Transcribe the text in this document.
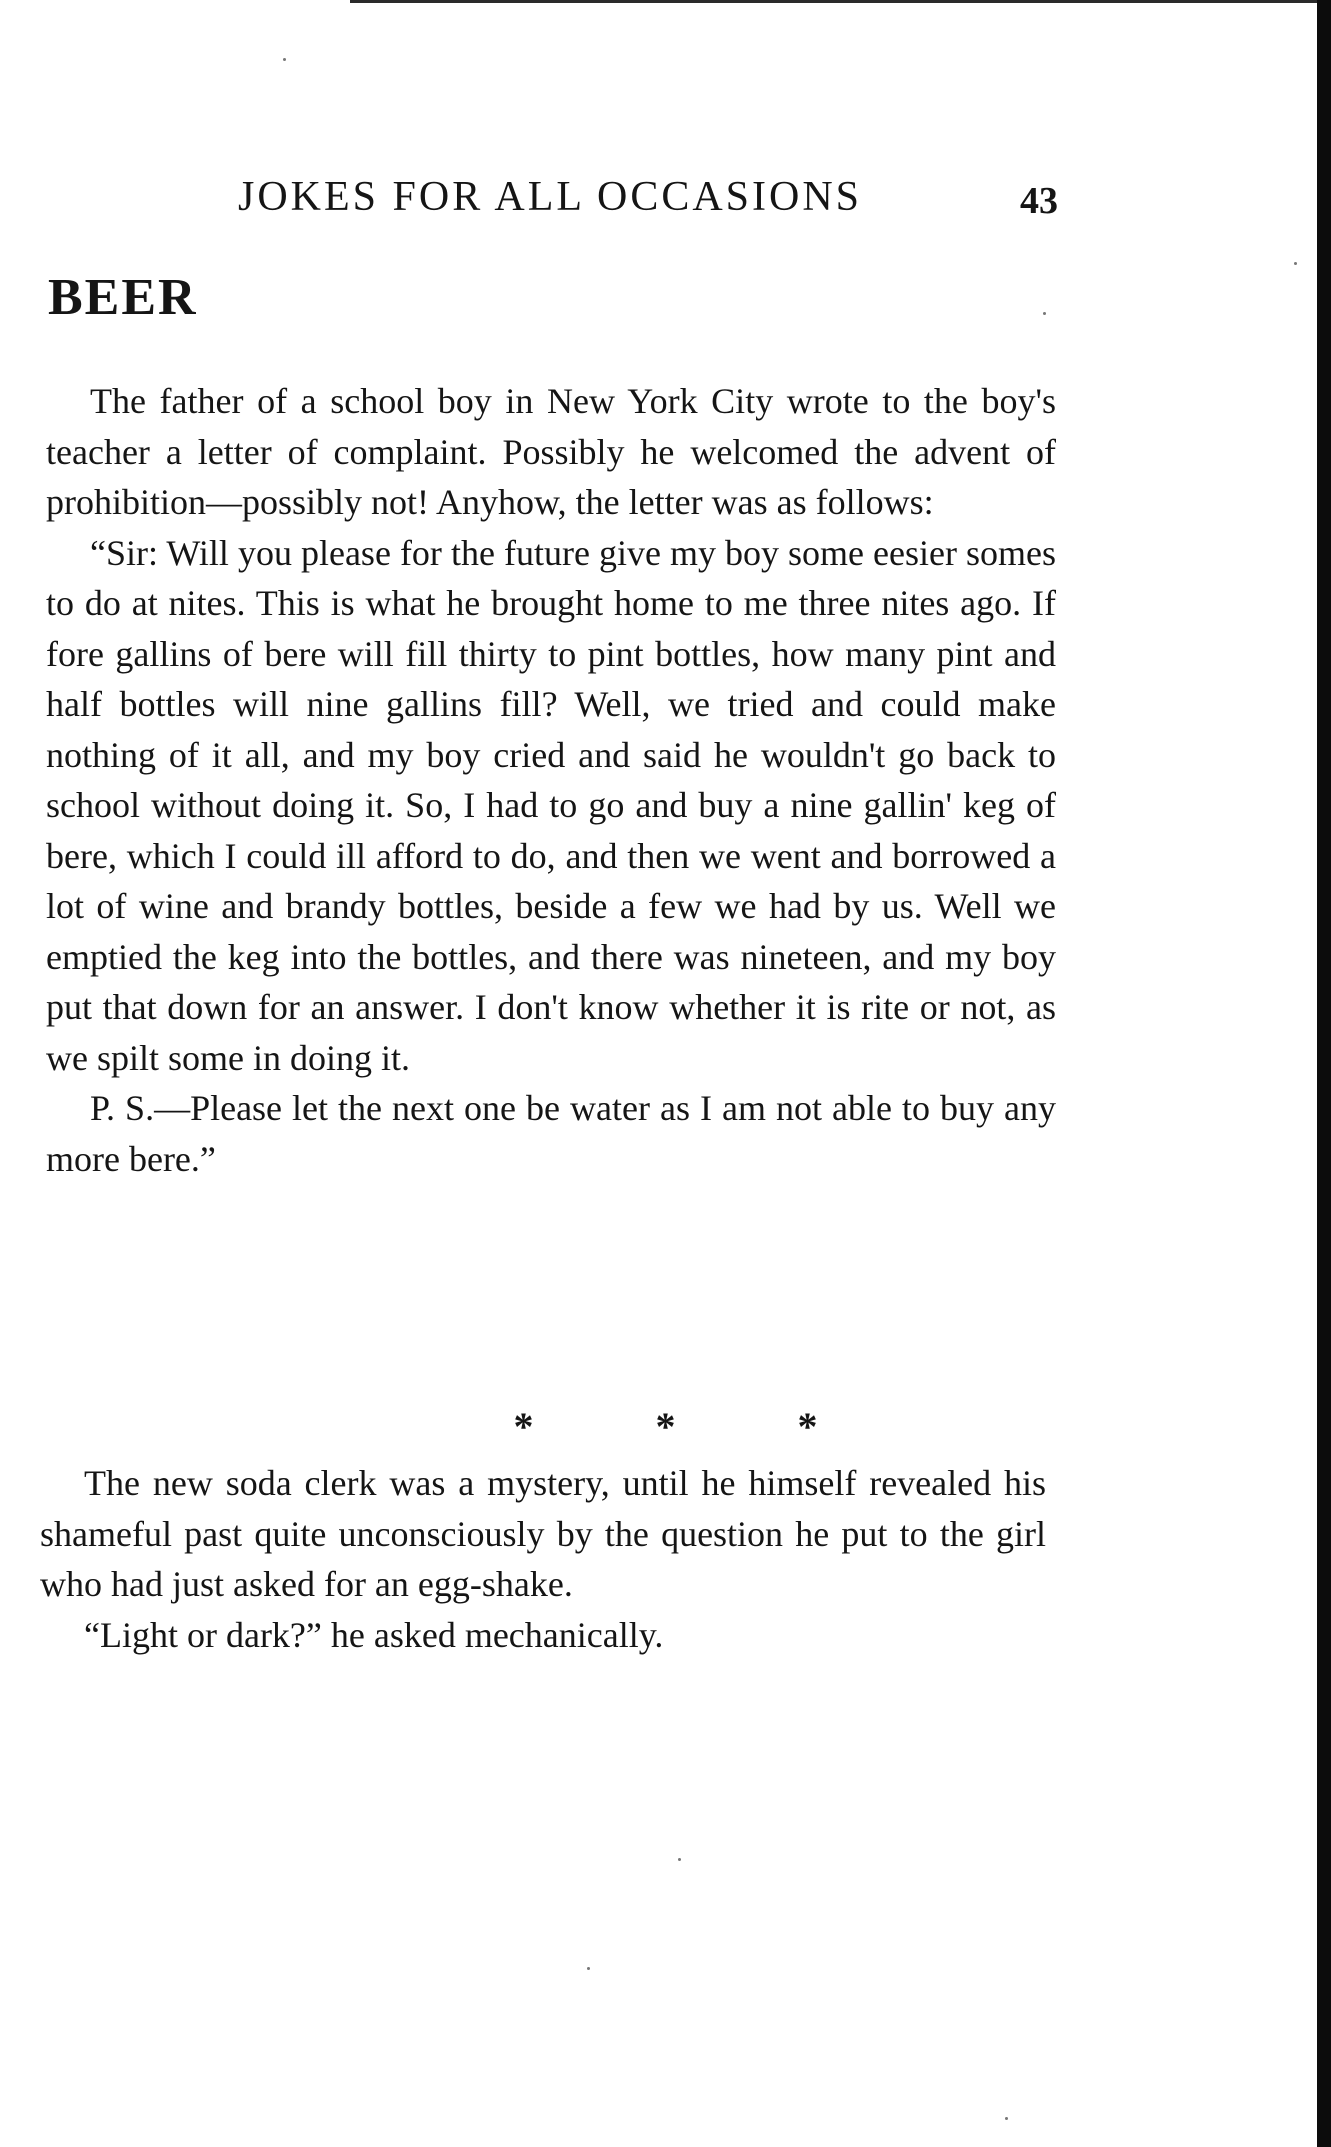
JOKES FOR ALL OCCASIONS	43
BEER

The father of a school boy in New York City wrote to the boy's teacher a letter of complaint. Possibly he welcomed the advent of prohibition—possibly not! Anyhow, the letter was as follows:

“Sir: Will you please for the future give my boy some eesier somes to do at nites. This is what he brought home to me three nites ago. If fore gallins of bere will fill thirty to pint bottles, how many pint and half bottles will nine gallins fill? Well, we tried and could make nothing of it all, and my boy cried and said he wouldn't go back to school without doing it. So, I had to go and buy a nine gallin' keg of bere, which I could ill afford to do, and then we went and borrowed a lot of wine and brandy bottles, beside a few we had by us. Well we emptied the keg into the bottles, and there was nineteen, and my boy put that down for an answer. I don't know whether it is rite or not, as we spilt some in doing it.

P. S.—Please let the next one be water as I am not able to buy any more bere.”

* * *

The new soda clerk was a mystery, until he himself revealed his shameful past quite unconsciously by the question he put to the girl who had just asked for an egg-shake.

“Light or dark?” he asked mechanically.
